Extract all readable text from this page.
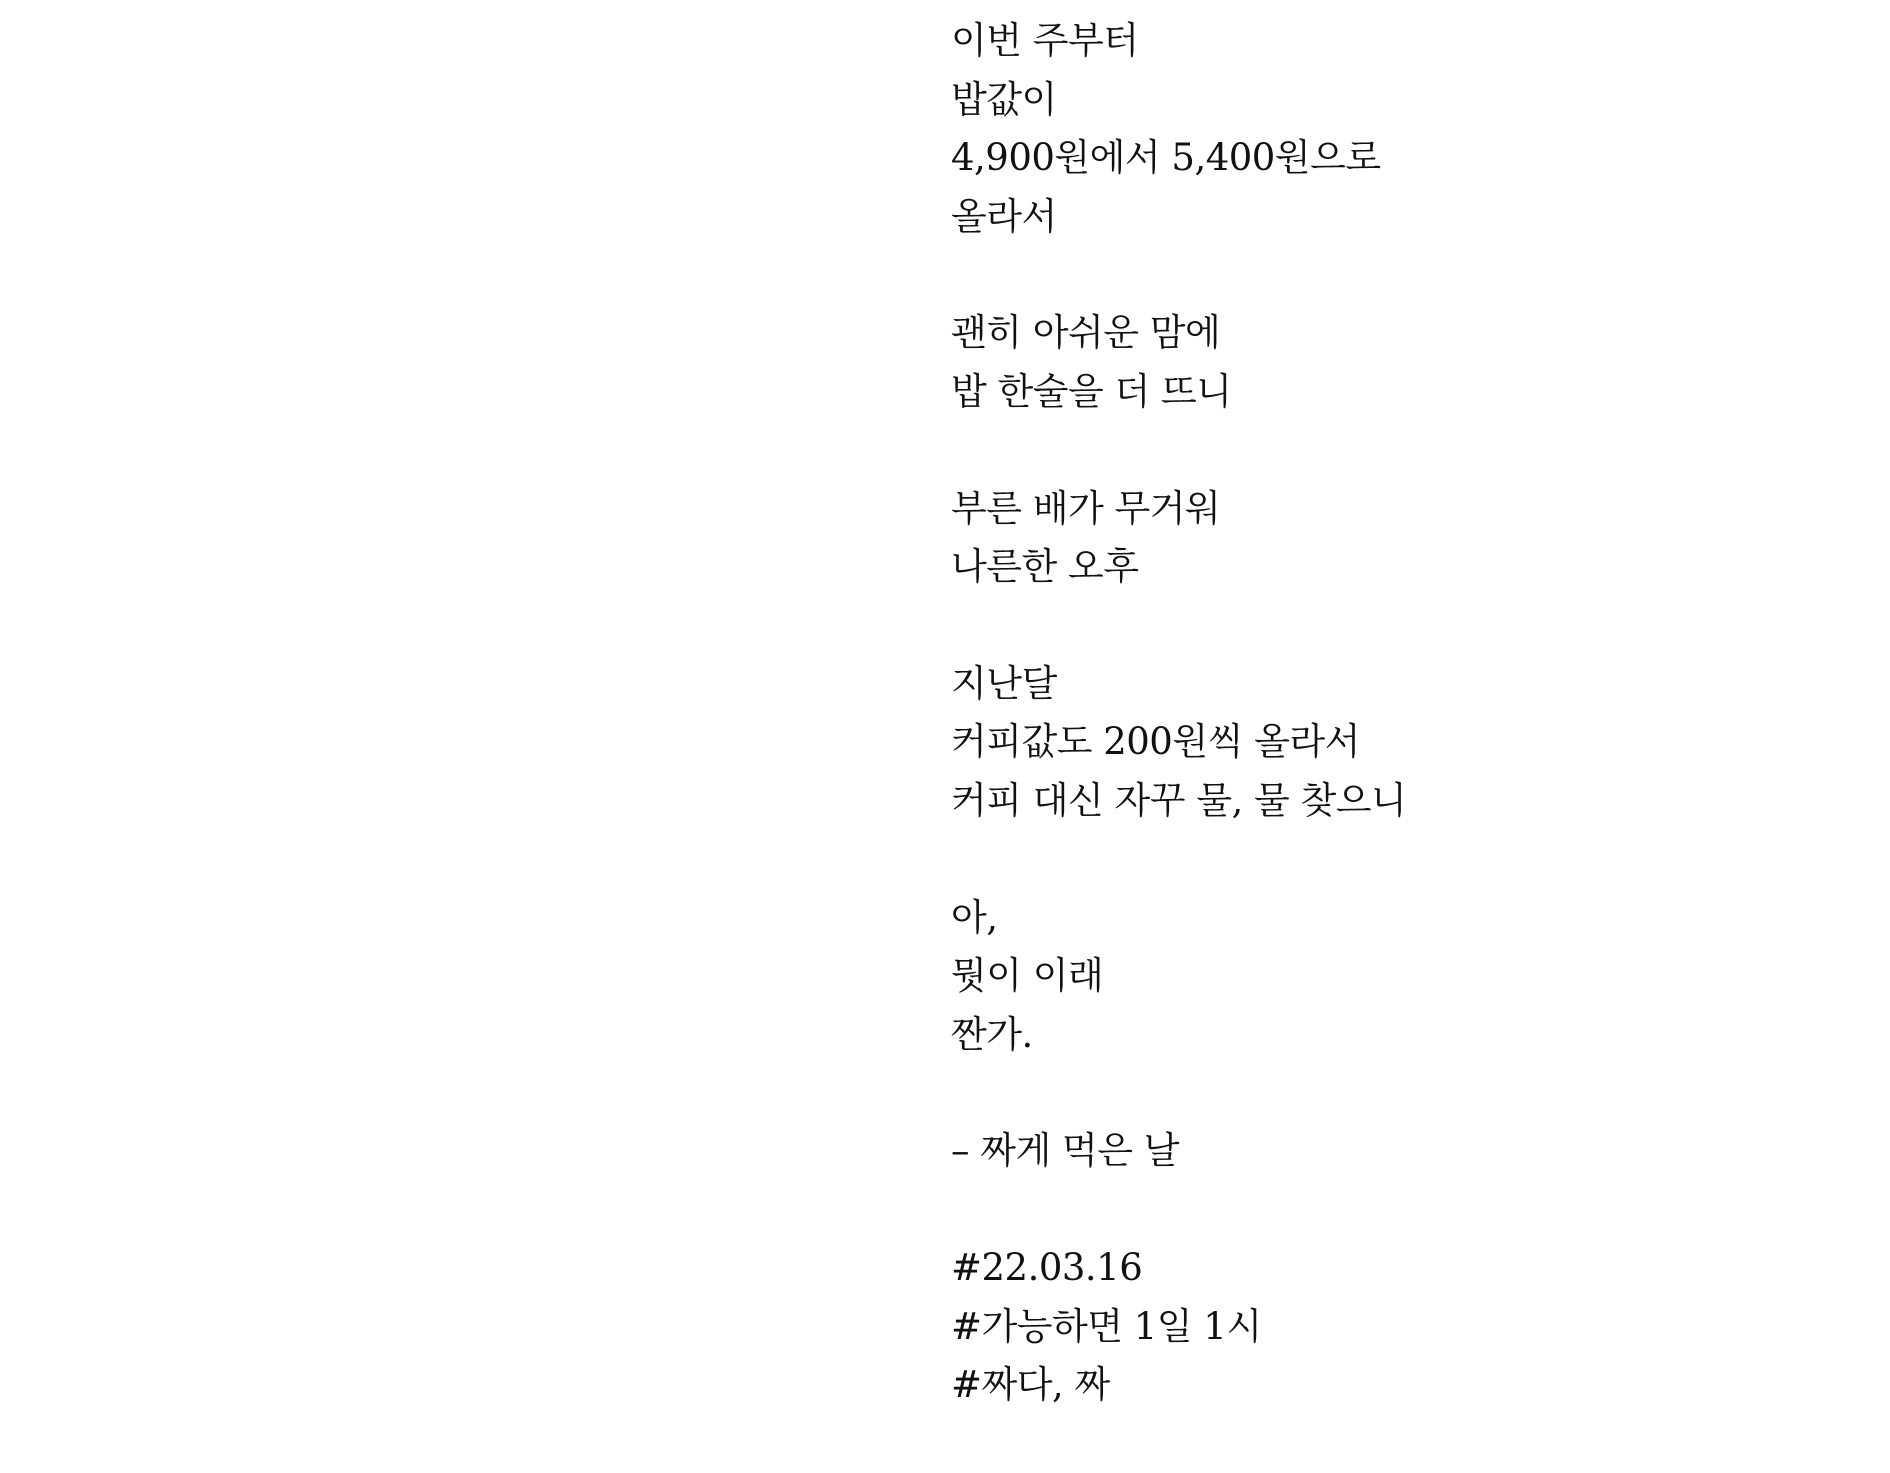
이번 주부터
밥값이
4,900원에서 5,400원으로
올라서
괜히 아쉬운 맘에
밥 한술을 더 뜨니
부른 배가 무거워
나른한 오후
지난달
커피값도 200원씩 올라서
커피 대신 자꾸 물, 물 찾으니
아,
뭣이 이래
짠가.
– 짜게 먹은 날
#22.03.16
#가능하면 1일 1시
#짜다, 짜
